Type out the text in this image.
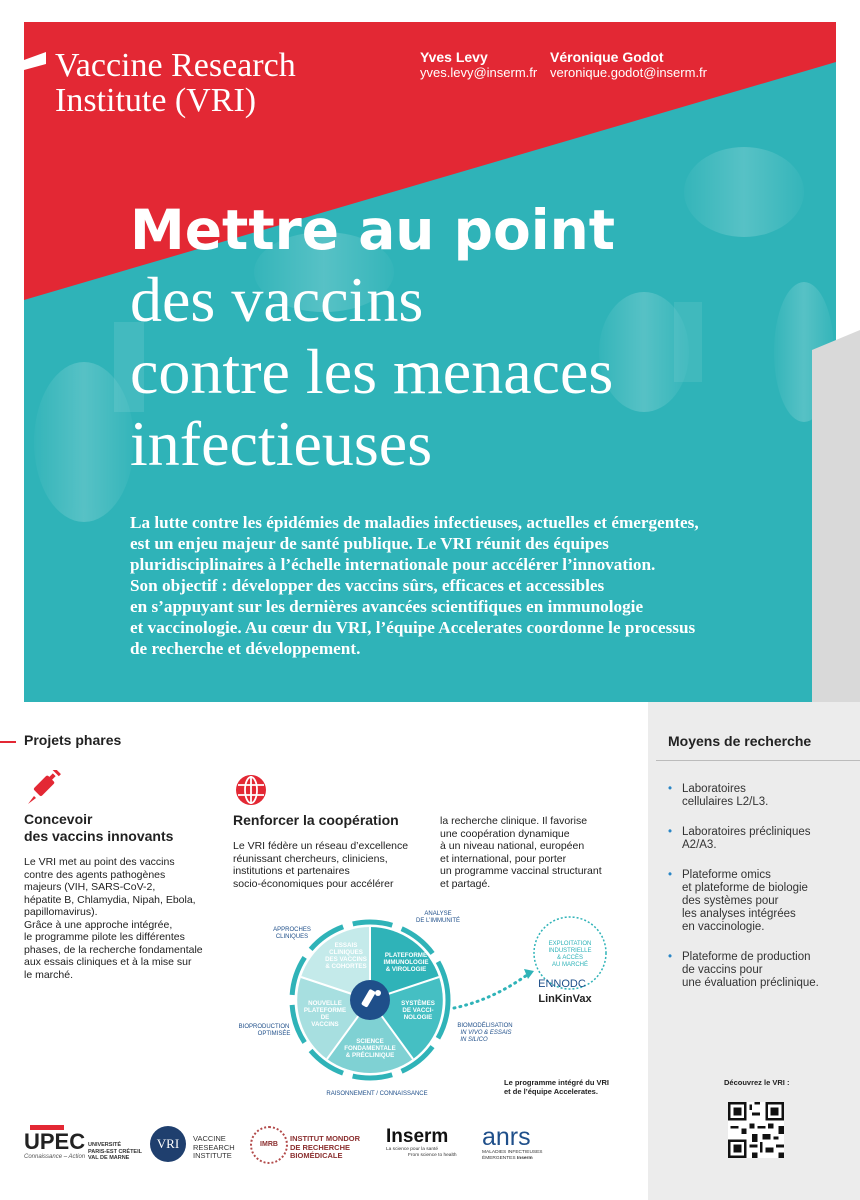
Vaccine Research
Institute (VRI)
Yves Levy
yves.levy@inserm.fr
Véronique Godot
veronique.godot@inserm.fr
Mettre au point
des vaccins
contre les menaces
infectieuses
La lutte contre les épidémies de maladies infectieuses, actuelles et émergentes,
est un enjeu majeur de santé publique. Le VRI réunit des équipes
pluridisciplinaires à l’échelle internationale pour accélérer l’innovation.
Son objectif : développer des vaccins sûrs, efficaces et accessibles
en s’appuyant sur les dernières avancées scientifiques en immunologie
et vaccinologie. Au cœur du VRI, l’équipe Accelerates coordonne le processus
de recherche et développement.
Moyens de recherche
• Laboratoires
cellulaires L2/L3.
• Laboratoires précliniques
A2/A3.
• Plateforme omics
et plateforme de biologie
des systèmes pour
les analyses intégrées
en vaccinologie.
• Plateforme de production
de vaccins pour
une évaluation préclinique.
Projets phares
Concevoir
des vaccins innovants
Le VRI met au point des vaccins
contre des agents pathogènes
majeurs (VIH, SARS-CoV-2,
hépatite B, Chlamydia, Nipah, Ebola,
papillomavirus).
Grâce à une approche intégrée,
le programme pilote les différentes
phases, de la recherche fondamentale
aux essais cliniques et à la mise sur
le marché.
Renforcer la coopération
Le VRI fédère un réseau d’excellence
réunissant chercheurs, cliniciens,
institutions et partenaires
socio-économiques pour accélérer
la recherche clinique. Il favorise
une coopération dynamique
à un niveau national, européen
et international, pour porter
un programme vaccinal structurant
et partagé.
PLATEFORME
IMMUNOLOGIE
& VIROLOGIE
SYSTÈMES
DE VACCI-
NOLOGIE
SCIENCE
FONDAMENTALE
& PRÉCLINIQUE
NOUVELLE
PLATEFORME
DE
VACCINS
ESSAIS
CLINIQUES
DES VACCINS
& COHORTES
ANALYSE
DE L’IMMUNITÉ
APPROCHES
CLINIQUES
BIOPRODUCTION
OPTIMISÉE
BIOMODÉLISATION
IN VIVO & ESSAIS
IN SILICO
RAISONNEMENT / CONNAISSANCE
EXPLOITATION
INDUSTRIELLE
& ACCÈS
AU MARCHÉ
ENNODC
LinKinVax
Le programme intégré du VRI
et de l’équipe Accelerates.
Découvrez le VRI :
UPEC
Connaissance – Action
UNIVERSITÉ
PARIS-EST CRÉTEIL
VAL DE MARNE
VRI	VACCINE
RESEARCH
INSTITUTE
IMRB
INSTITUT MONDOR
DE RECHERCHE
BIOMÉDICALE
Inserm
La science pour la santé
From science to health
anrs
MALADIES INFECTIEUSES
ÉMERGENTES Inserm
